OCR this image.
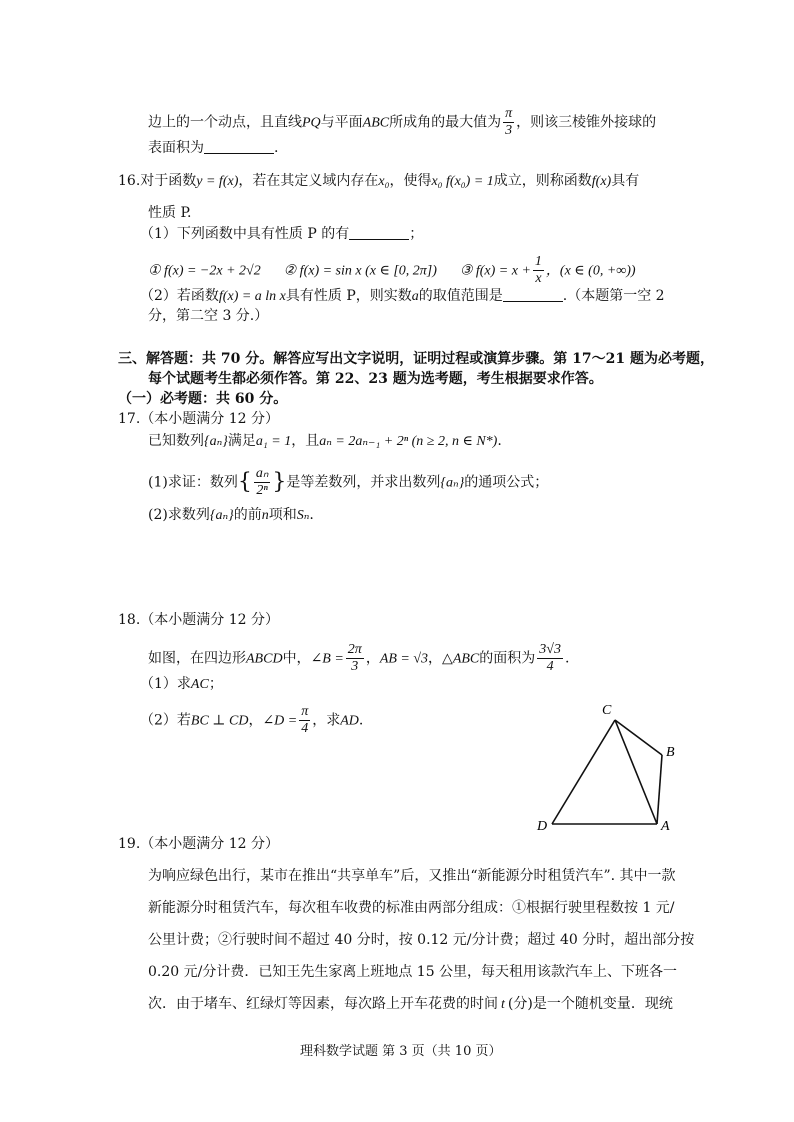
边上的一个动点，且直线PQ与平面ABC所成角的最大值为 $\frac{\pi}{3}$ ，则该三棱锥外接球的
表面积为	.
16.对于函数y = f(x)，若在其定义域内存在x₀，使得x₀ f(x₀) = 1成立，则称函数f(x)具有
性质 P.
（1）下列函数中具有性质 P 的有	；
① f(x) = −2x + 2√2 ② f(x) = sin x (x ∈ [0, 2π]) ③ $f(x) = x + \frac{1}{x}$ ，(x ∈ (0, +∞))
（2）若函数f(x) = a ln x具有性质 P，则实数a的取值范围是	.（本题第一空 2
分，第二空 3 分.）
三、解答题：共 70 分。解答应写出文字说明，证明过程或演算步骤。第 17～21 题为必考题，
每个试题考生都必须作答。第 22、23 题为选考题，考生根据要求作答。
（一）必考题：共 60 分。
17.（本小题满分 12 分）
已知数列{aₙ}满足a₁ = 1，且aₙ = 2aₙ₋₁ + 2ⁿ (n ≥ 2, n ∈ N*).
(1)求证：数列{ $\frac{\text{aₙ}}{\text{2ⁿ}}$ }是等差数列，并求出数列{aₙ}的通项公式；
(2)求数列{aₙ}的前n项和Sₙ.
18.（本小题满分 12 分）
如图，在四边形ABCD中，∠B = $\frac{2\pi}{3}$ ，AB = √3，△ABC的面积为 $\frac{3√3}{4}$ .
（1）求AC；
（2）若BC ⊥ CD，∠D = $\frac{\pi}{4}$ ，求AD.
C
B
D	A
19.（本小题满分 12 分）
为响应绿色出行，某市在推出“共享单车”后，又推出“新能源分时租赁汽车”. 其中一款
新能源分时租赁汽车，每次租车收费的标准由两部分组成：①根据行驶里程数按 1 元/
公里计费；②行驶时间不超过 40 分时，按 0.12 元/分计费；超过 40 分时，超出部分按
0.20 元/分计费．已知王先生家离上班地点 15 公里，每天租用该款汽车上、下班各一
次．由于堵车、红绿灯等因素，每次路上开车花费的时间 t (分)是一个随机变量．现统
理科数学试题 第 3 页（共 10 页）
